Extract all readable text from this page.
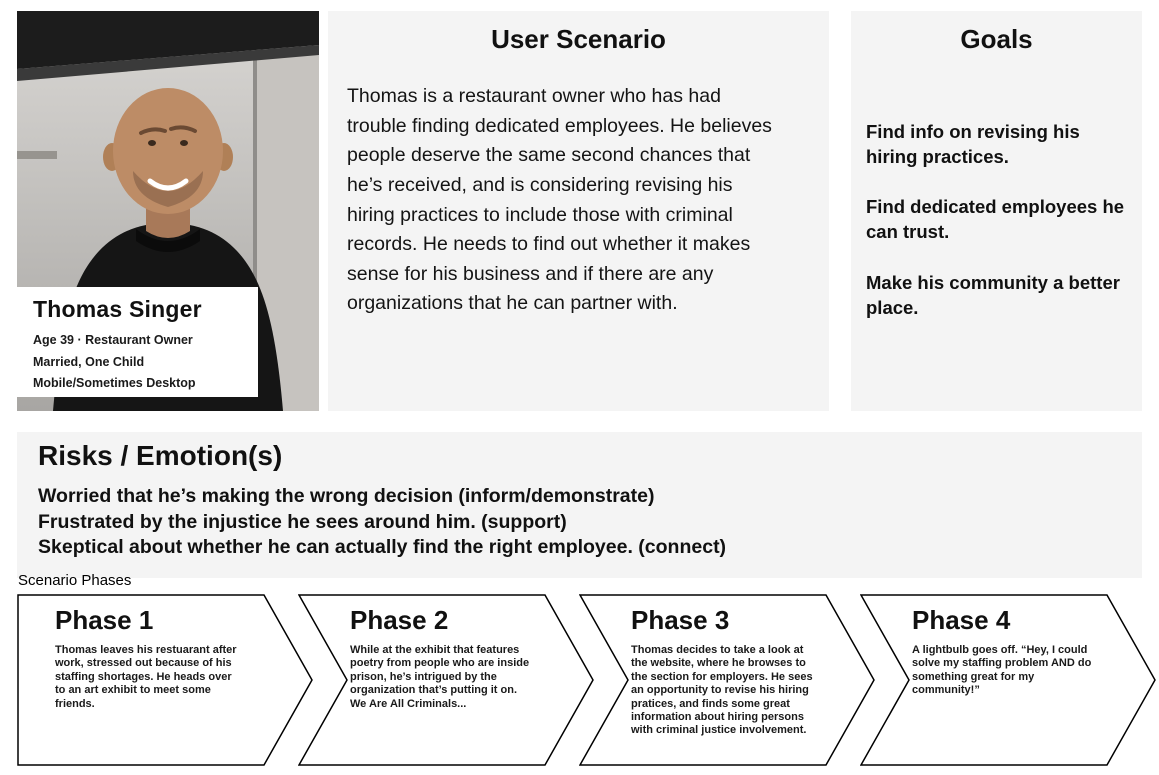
Thomas Singer
Age 39 · Restaurant Owner
Married, One Child
Mobile/Sometimes Desktop
User Scenario

Thomas is a restaurant owner who has had trouble finding dedicated employees. He believes people deserve the same second chances that he’s received, and is considering revising his hiring practices to include those with criminal records. He needs to find out whether it makes sense for his business and if there are any organizations that he can partner with.

Goals

Find info on revising his hiring practices.

Find dedicated employees he can trust.

Make his community a better place.

Risks / Emotion(s)

Worried that he’s making the wrong decision (inform/demonstrate)

Frustrated by the injustice he sees around him. (support)

Skeptical about whether he can actually find the right employee. (connect)

Scenario Phases
Phase 1

Thomas leaves his restuarant after work, stressed out because of his staffing shortages. He heads over to an art exhibit to meet some friends.

Phase 2

While at the exhibit that features poetry from people who are inside prison, he’s intrigued by the organization that’s putting it on. We Are All Criminals...

Phase 3

Thomas decides to take a look at the website, where he browses to the section for employers. He sees an opportunity to revise his hiring pratices, and finds some great information about hiring persons with criminal justice involvement.

Phase 4

A lightbulb goes off. “Hey, I could solve my staffing problem AND do something great for my community!”
